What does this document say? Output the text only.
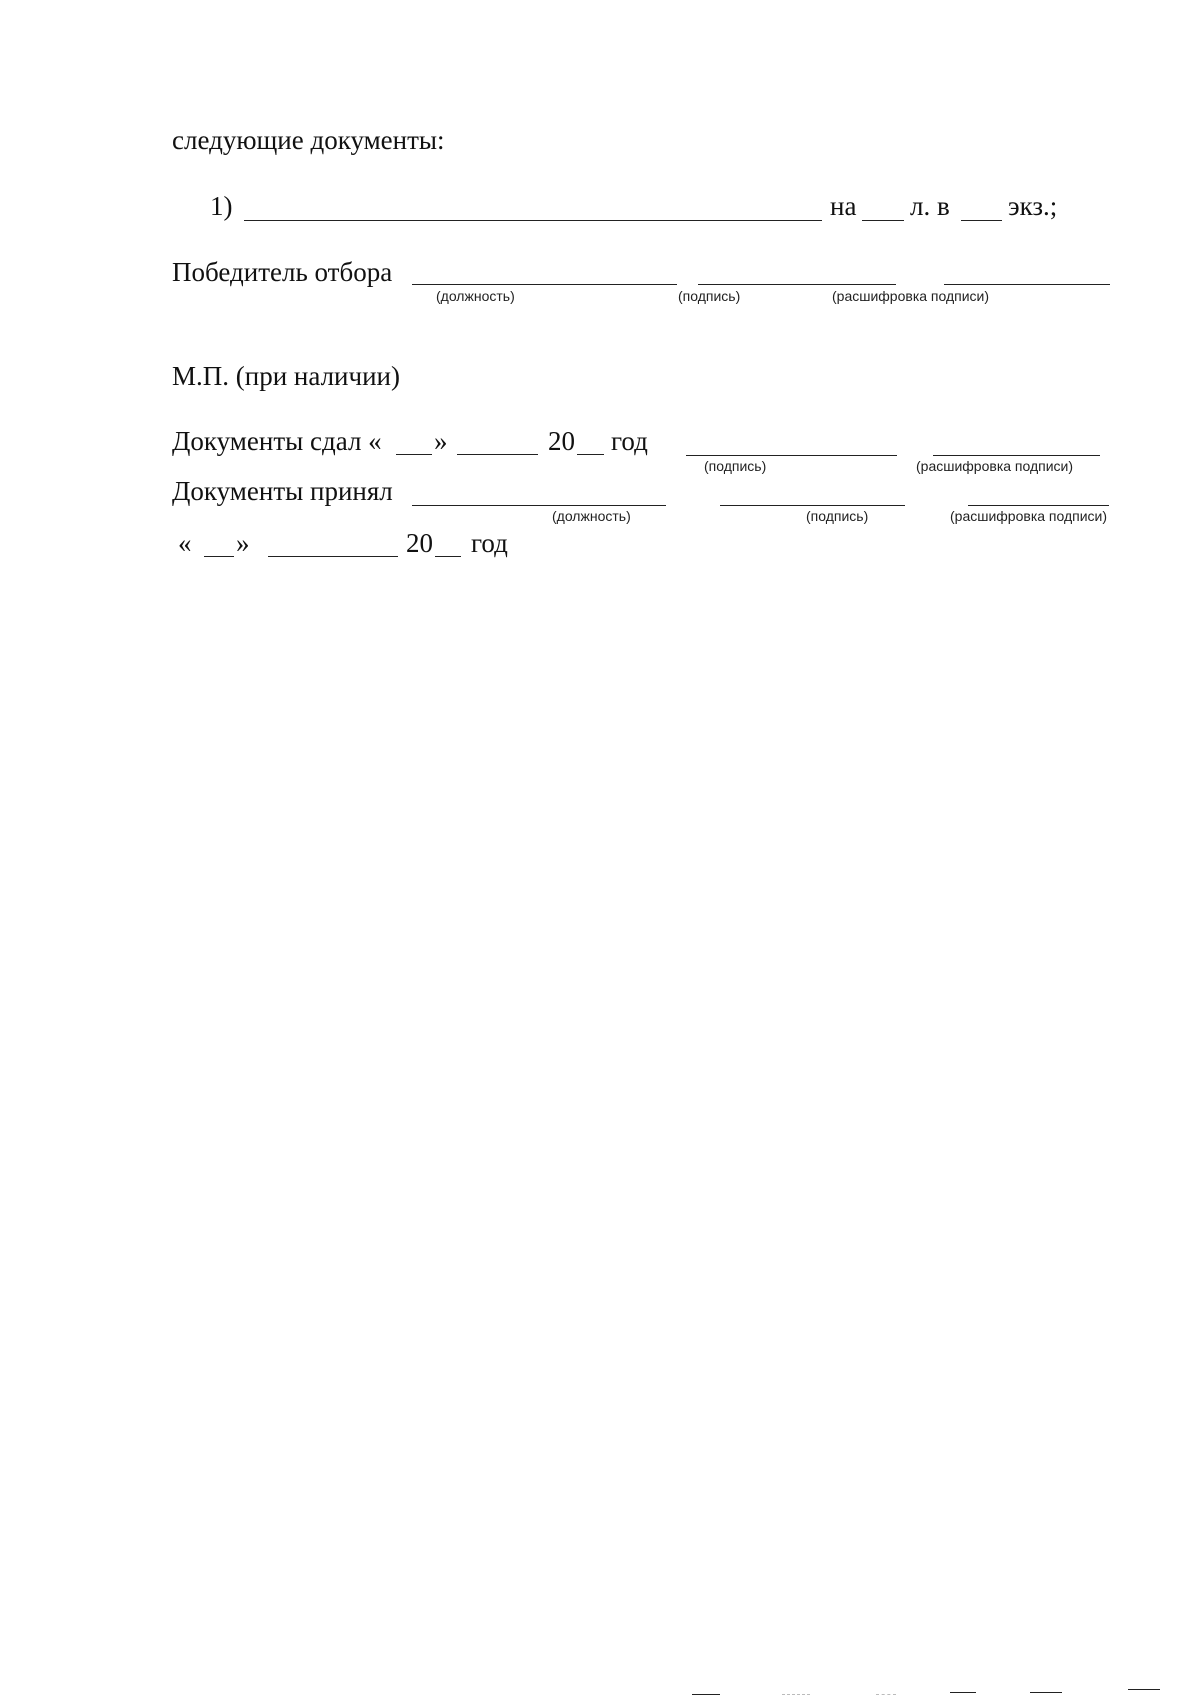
следующие документы:
1)	на л. в экз.;
Победитель отбора
(должность)	(подпись)	(расшифровка подписи)
М.П. (при наличии)
Документы сдал « »	20 год
(подпись)	(расшифровка подписи)
Документы принял
(должность)	(подпись)	(расшифровка подписи)
« »	20 год
